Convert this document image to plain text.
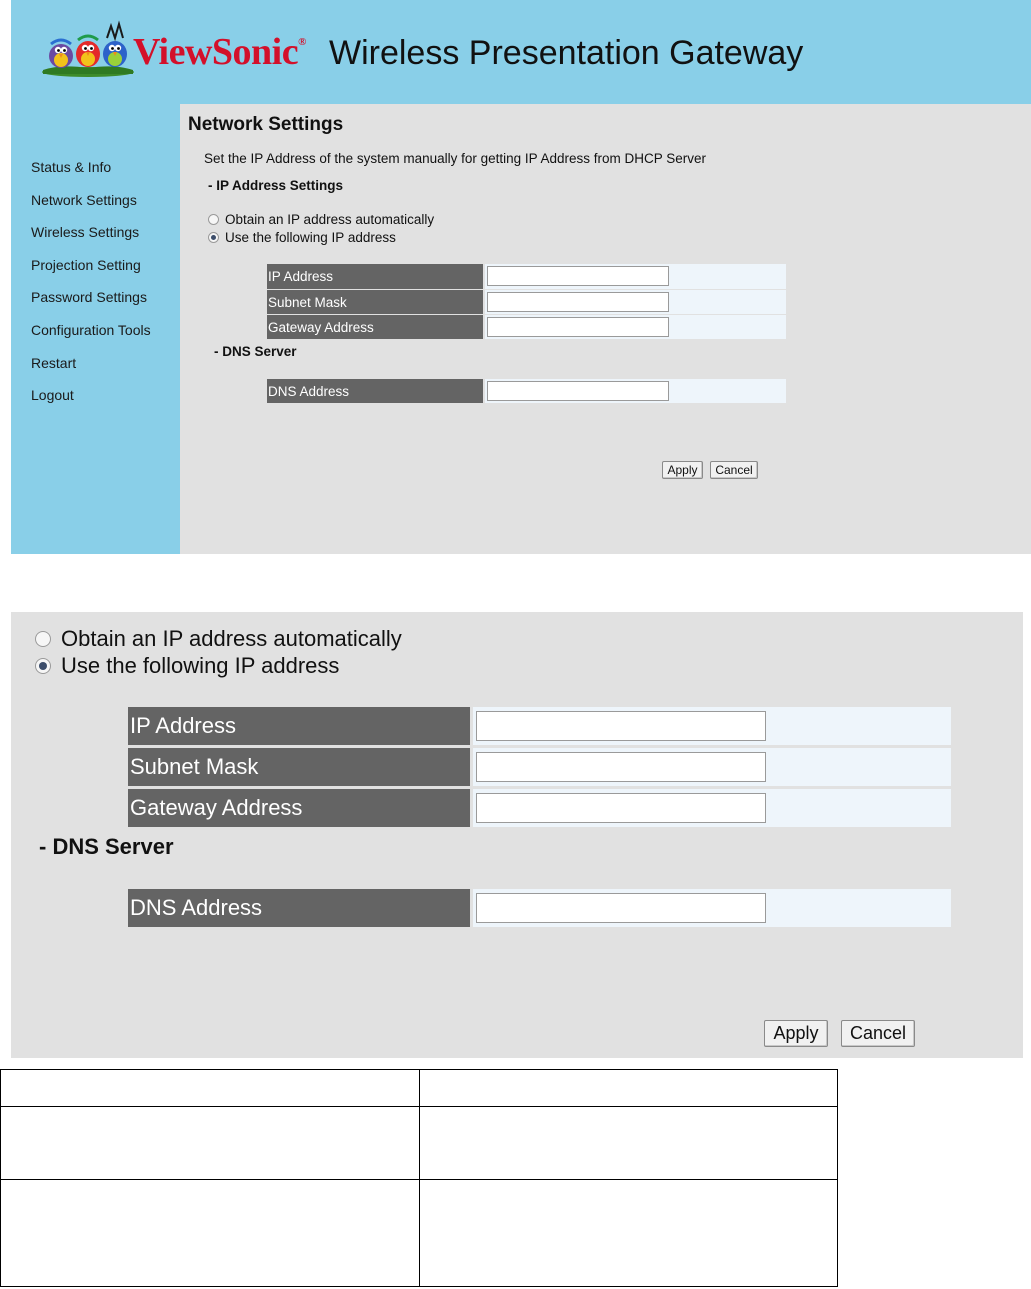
ViewSonic® Wireless Presentation Gateway
Status & Info
Network Settings
Wireless Settings
Projection Setting
Password Settings
Configuration Tools
Restart
Logout
Network Settings
Set the IP Address of the system manually for getting IP Address from DHCP Server
- IP Address Settings
Obtain an IP address automatically
Use the following IP address
IP Address
Subnet Mask
Gateway Address
- DNS Server
DNS Address
Apply	Cancel
Obtain an IP address automatically
Use the following IP address
IP Address
Subnet Mask
Gateway Address
- DNS Server
DNS Address
Apply	Cancel
